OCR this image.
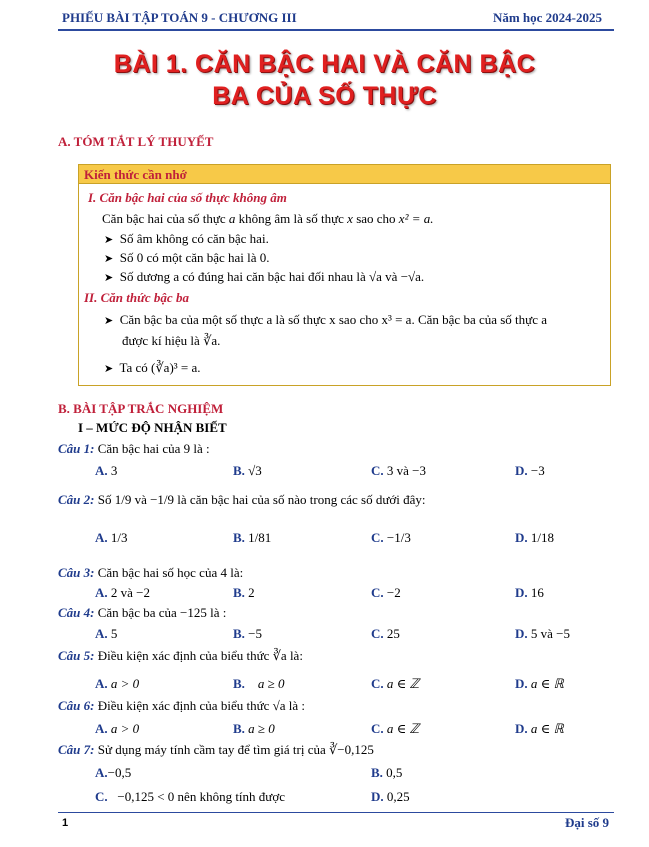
PHIẾU BÀI TẬP TOÁN 9 - CHƯƠNG III	Năm học 2024-2025
BÀI 1. CĂN BẬC HAI VÀ CĂN BẬC
BA CỦA SỐ THỰC
A. TÓM TẮT LÝ THUYẾT
Kiến thức cần nhớ
I. Căn bậc hai của số thực không âm
Căn bậc hai của số thực a không âm là số thực x sao cho x² = a.
➤ Số âm không có căn bậc hai.
➤ Số 0 có một căn bậc hai là 0.
➤ Số dương a có đúng hai căn bậc hai đối nhau là √a và −√a.
II. Căn thức bậc ba
➤ Căn bậc ba của một số thực a là số thực x sao cho x³ = a. Căn bậc ba của số thực a
được kí hiệu là ∛a.
➤ Ta có (∛a)³ = a.
B. BÀI TẬP TRẮC NGHIỆM
I – MỨC ĐỘ NHẬN BIẾT
Câu 1: Căn bậc hai của 9 là :
A. 3	B. √3	C. 3 và −3	D. −3
Câu 2: Số 1/9 và −1/9 là căn bậc hai của số nào trong các số dưới đây:
A. 1/3	B. 1/81	C. −1/3	D. 1/18
Câu 3: Căn bậc hai số học của 4 là:
A. 2 và −2	B. 2	C. −2	D. 16
Câu 4: Căn bậc ba của −125 là :
A. 5	B. −5	C. 25	D. 5 và −5
Câu 5: Điều kiện xác định của biểu thức ∛a là:
A. a > 0	B. a ≥ 0	C. a ∈ ℤ	D. a ∈ ℝ
Câu 6: Điều kiện xác định của biểu thức √a là :
A. a > 0	B. a ≥ 0	C. a ∈ ℤ	D. a ∈ ℝ
Câu 7: Sử dụng máy tính cầm tay để tìm giá trị của ∛−0,125
A.−0,5	B. 0,5
C. −0,125 < 0 nên không tính được	D. 0,25
1	Đại số 9
